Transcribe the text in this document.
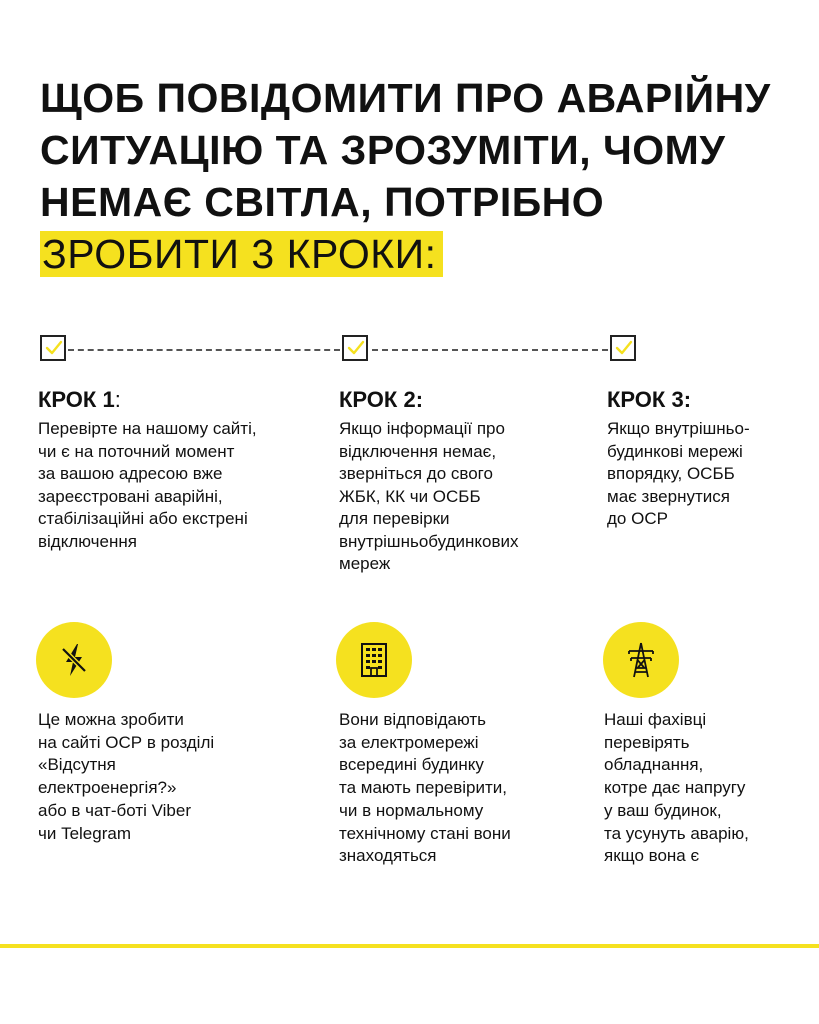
ЩОБ ПОВІДОМИТИ ПРО АВАРІЙНУ
СИТУАЦІЮ ТА ЗРОЗУМІТИ, ЧОМУ
НЕМАЄ СВІТЛА, ПОТРІБНО
ЗРОБИТИ 3 КРОКИ:
КРОК 1:	КРОК 2:	КРОК 3:
Перевірте на нашому сайті,
чи є на поточний момент
за вашою адресою вже
зареєстровані аварійні,
стабілізаційні або екстрені
відключення
Якщо інформації про
відключення немає,
зверніться до свого
ЖБК, КК чи ОСББ
для перевірки
внутрішньобудинкових
мереж
Якщо внутрішньо-
будинкові мережі
впорядку, ОСББ
має звернутися
до ОСР
Це можна зробити
на сайті ОСР в розділі
«Відсутня
електроенергія?»
або в чат-боті Viber
чи Telegram
Вони відповідають
за електромережі
всередині будинку
та мають перевірити,
чи в нормальному
технічному стані вони
знаходяться
Наші фахівці
перевірять
обладнання,
котре дає напругу
у ваш будинок,
та усунуть аварію,
якщо вона є
